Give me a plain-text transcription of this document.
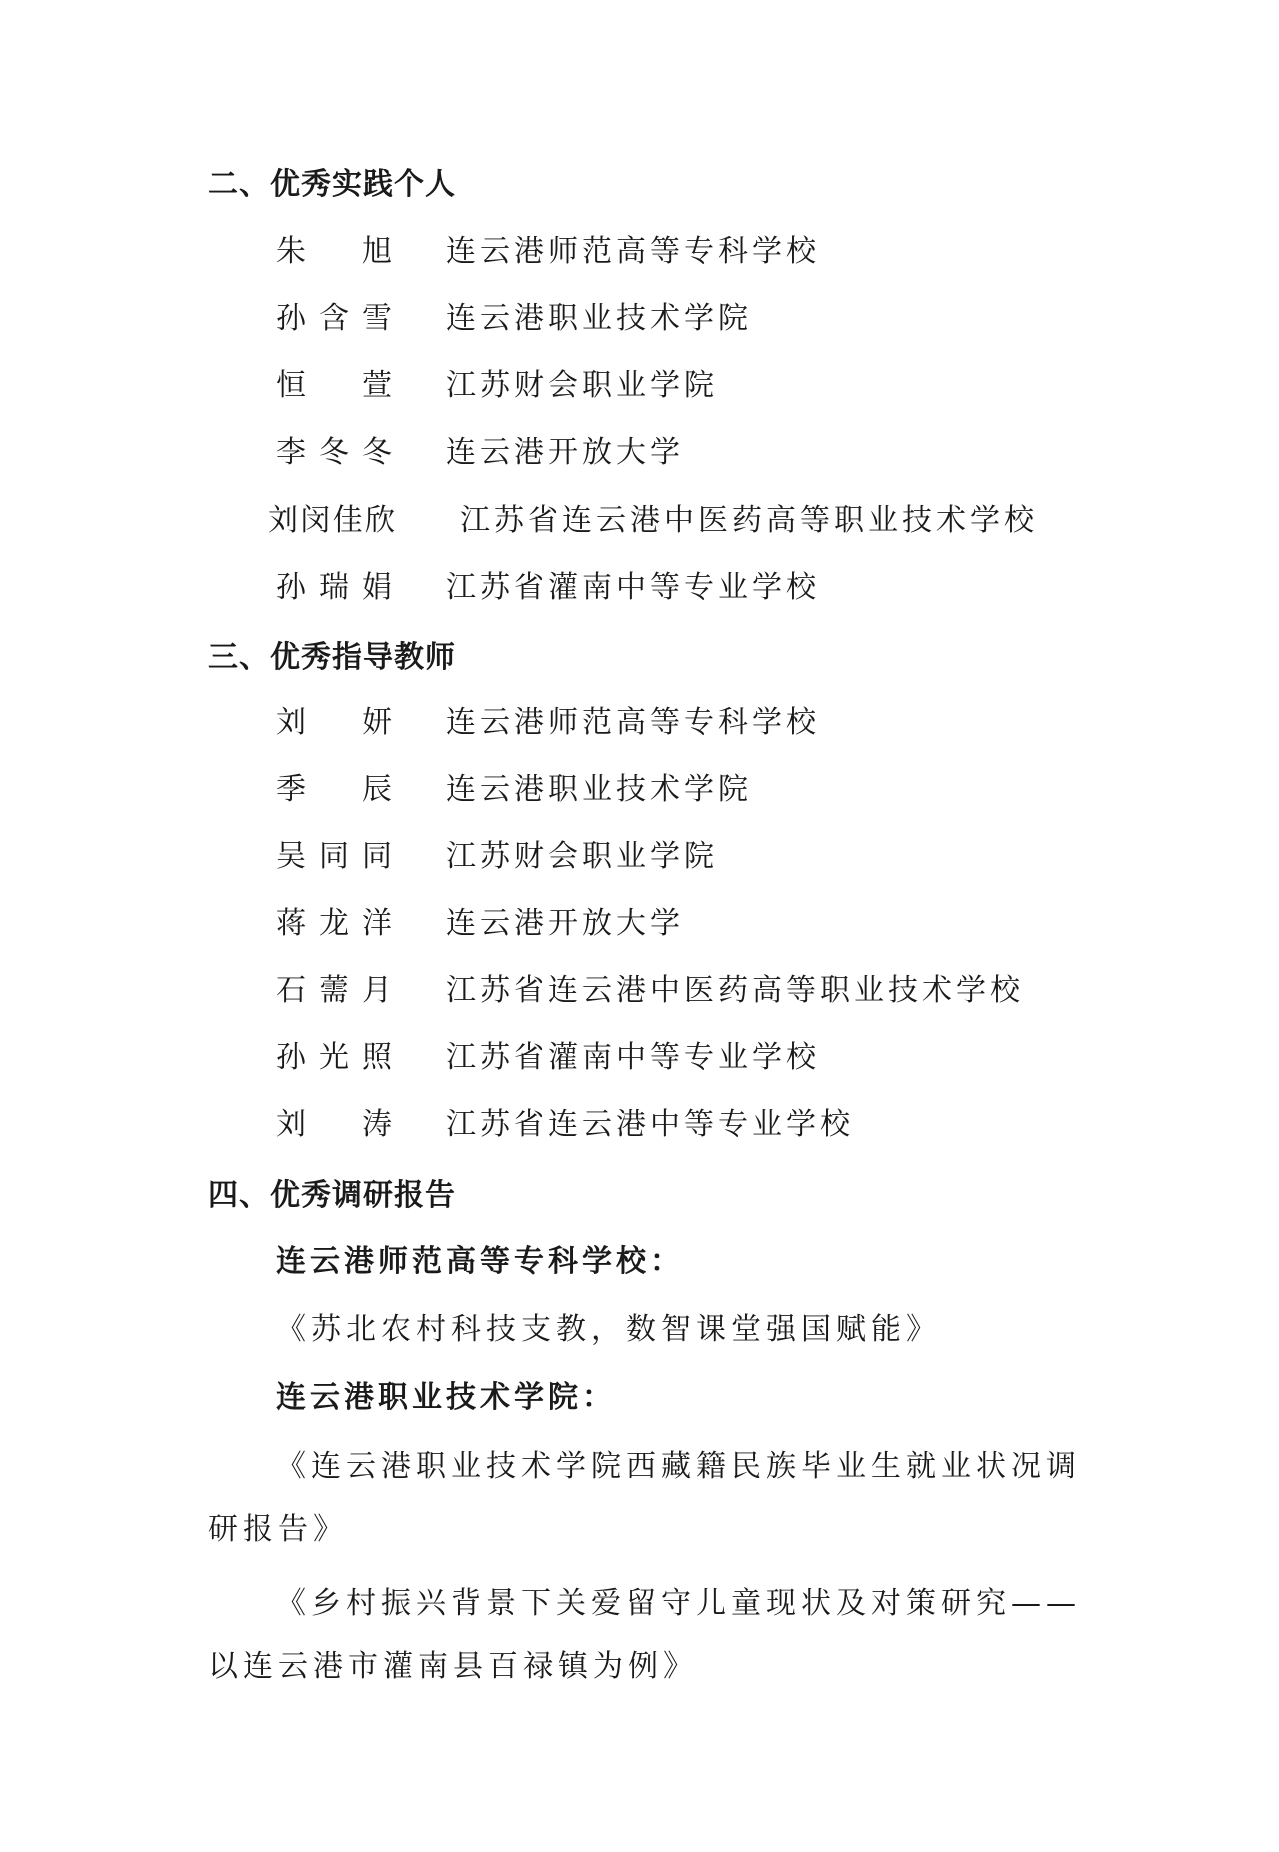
二、优秀实践个人
朱 旭 连云港师范高等专科学校
孙含雪 连云港职业技术学院
恒 萱 江苏财会职业学院
李冬冬 连云港开放大学
刘闵佳欣 江苏省连云港中医药高等职业技术学校
孙瑞娟 江苏省灌南中等专业学校
三、优秀指导教师
刘 妍 连云港师范高等专科学校
季 辰 连云港职业技术学院
吴同同 江苏财会职业学院
蒋龙洋 连云港开放大学
石薷月 江苏省连云港中医药高等职业技术学校
孙光照 江苏省灌南中等专业学校
刘 涛 江苏省连云港中等专业学校
四、优秀调研报告
连云港师范高等专科学校：
《苏北农村科技支教，数智课堂强国赋能》
连云港职业技术学院：
《连云港职业技术学院西藏籍民族毕业生就业状况调
研报告》
《乡村振兴背景下关爱留守儿童现状及对策研究——
以连云港市灌南县百禄镇为例》
